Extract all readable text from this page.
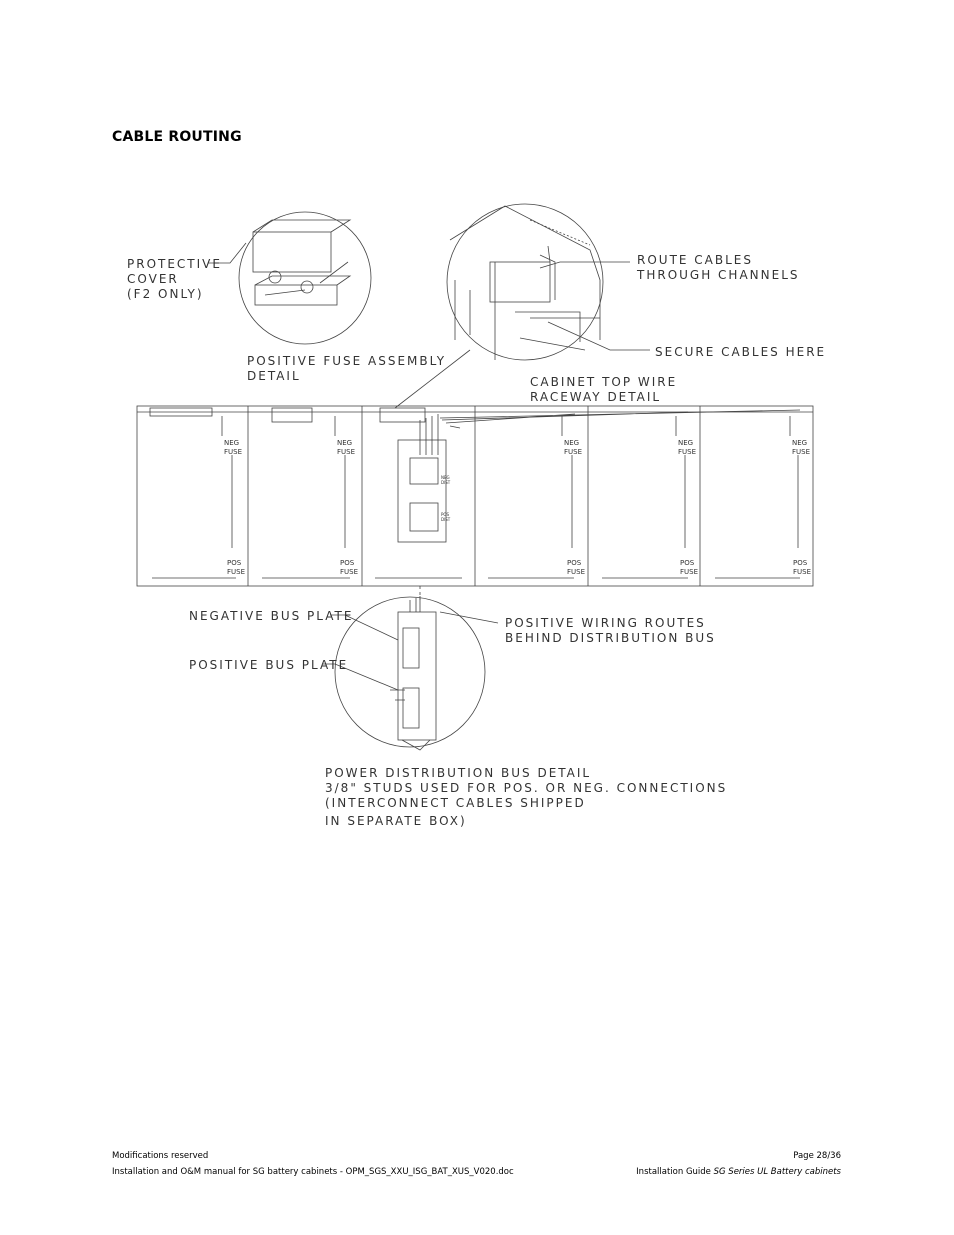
CABLE ROUTING
PROTECTIVE
COVER
(F2 ONLY)
POSITIVE FUSE ASSEMBLY
DETAIL
ROUTE CABLES
THROUGH CHANNELS
SECURE CABLES HERE
CABINET TOP WIRE
RACEWAY DETAIL
NEGATIVE BUS PLATE
POSITIVE BUS PLATE
POSITIVE WIRING ROUTES
BEHIND DISTRIBUTION BUS
POWER DISTRIBUTION BUS DETAIL
3/8" STUDS USED FOR POS. OR NEG. CONNECTIONS
(INTERCONNECT CABLES SHIPPED
IN SEPARATE BOX)
NEG
FUSE
NEG
FUSE
NEG
FUSE
NEG
FUSE
NEG
FUSE
POS
FUSE
POS
FUSE
POS
FUSE
POS
FUSE
POS
FUSE
NEG
DIST
POS
DIST
Modifications reserved
Installation and O&M manual for SG battery cabinets - OPM_SGS_XXU_ISG_BAT_XUS_V020.doc
Page 28/36
Installation Guide SG Series UL Battery cabinets
